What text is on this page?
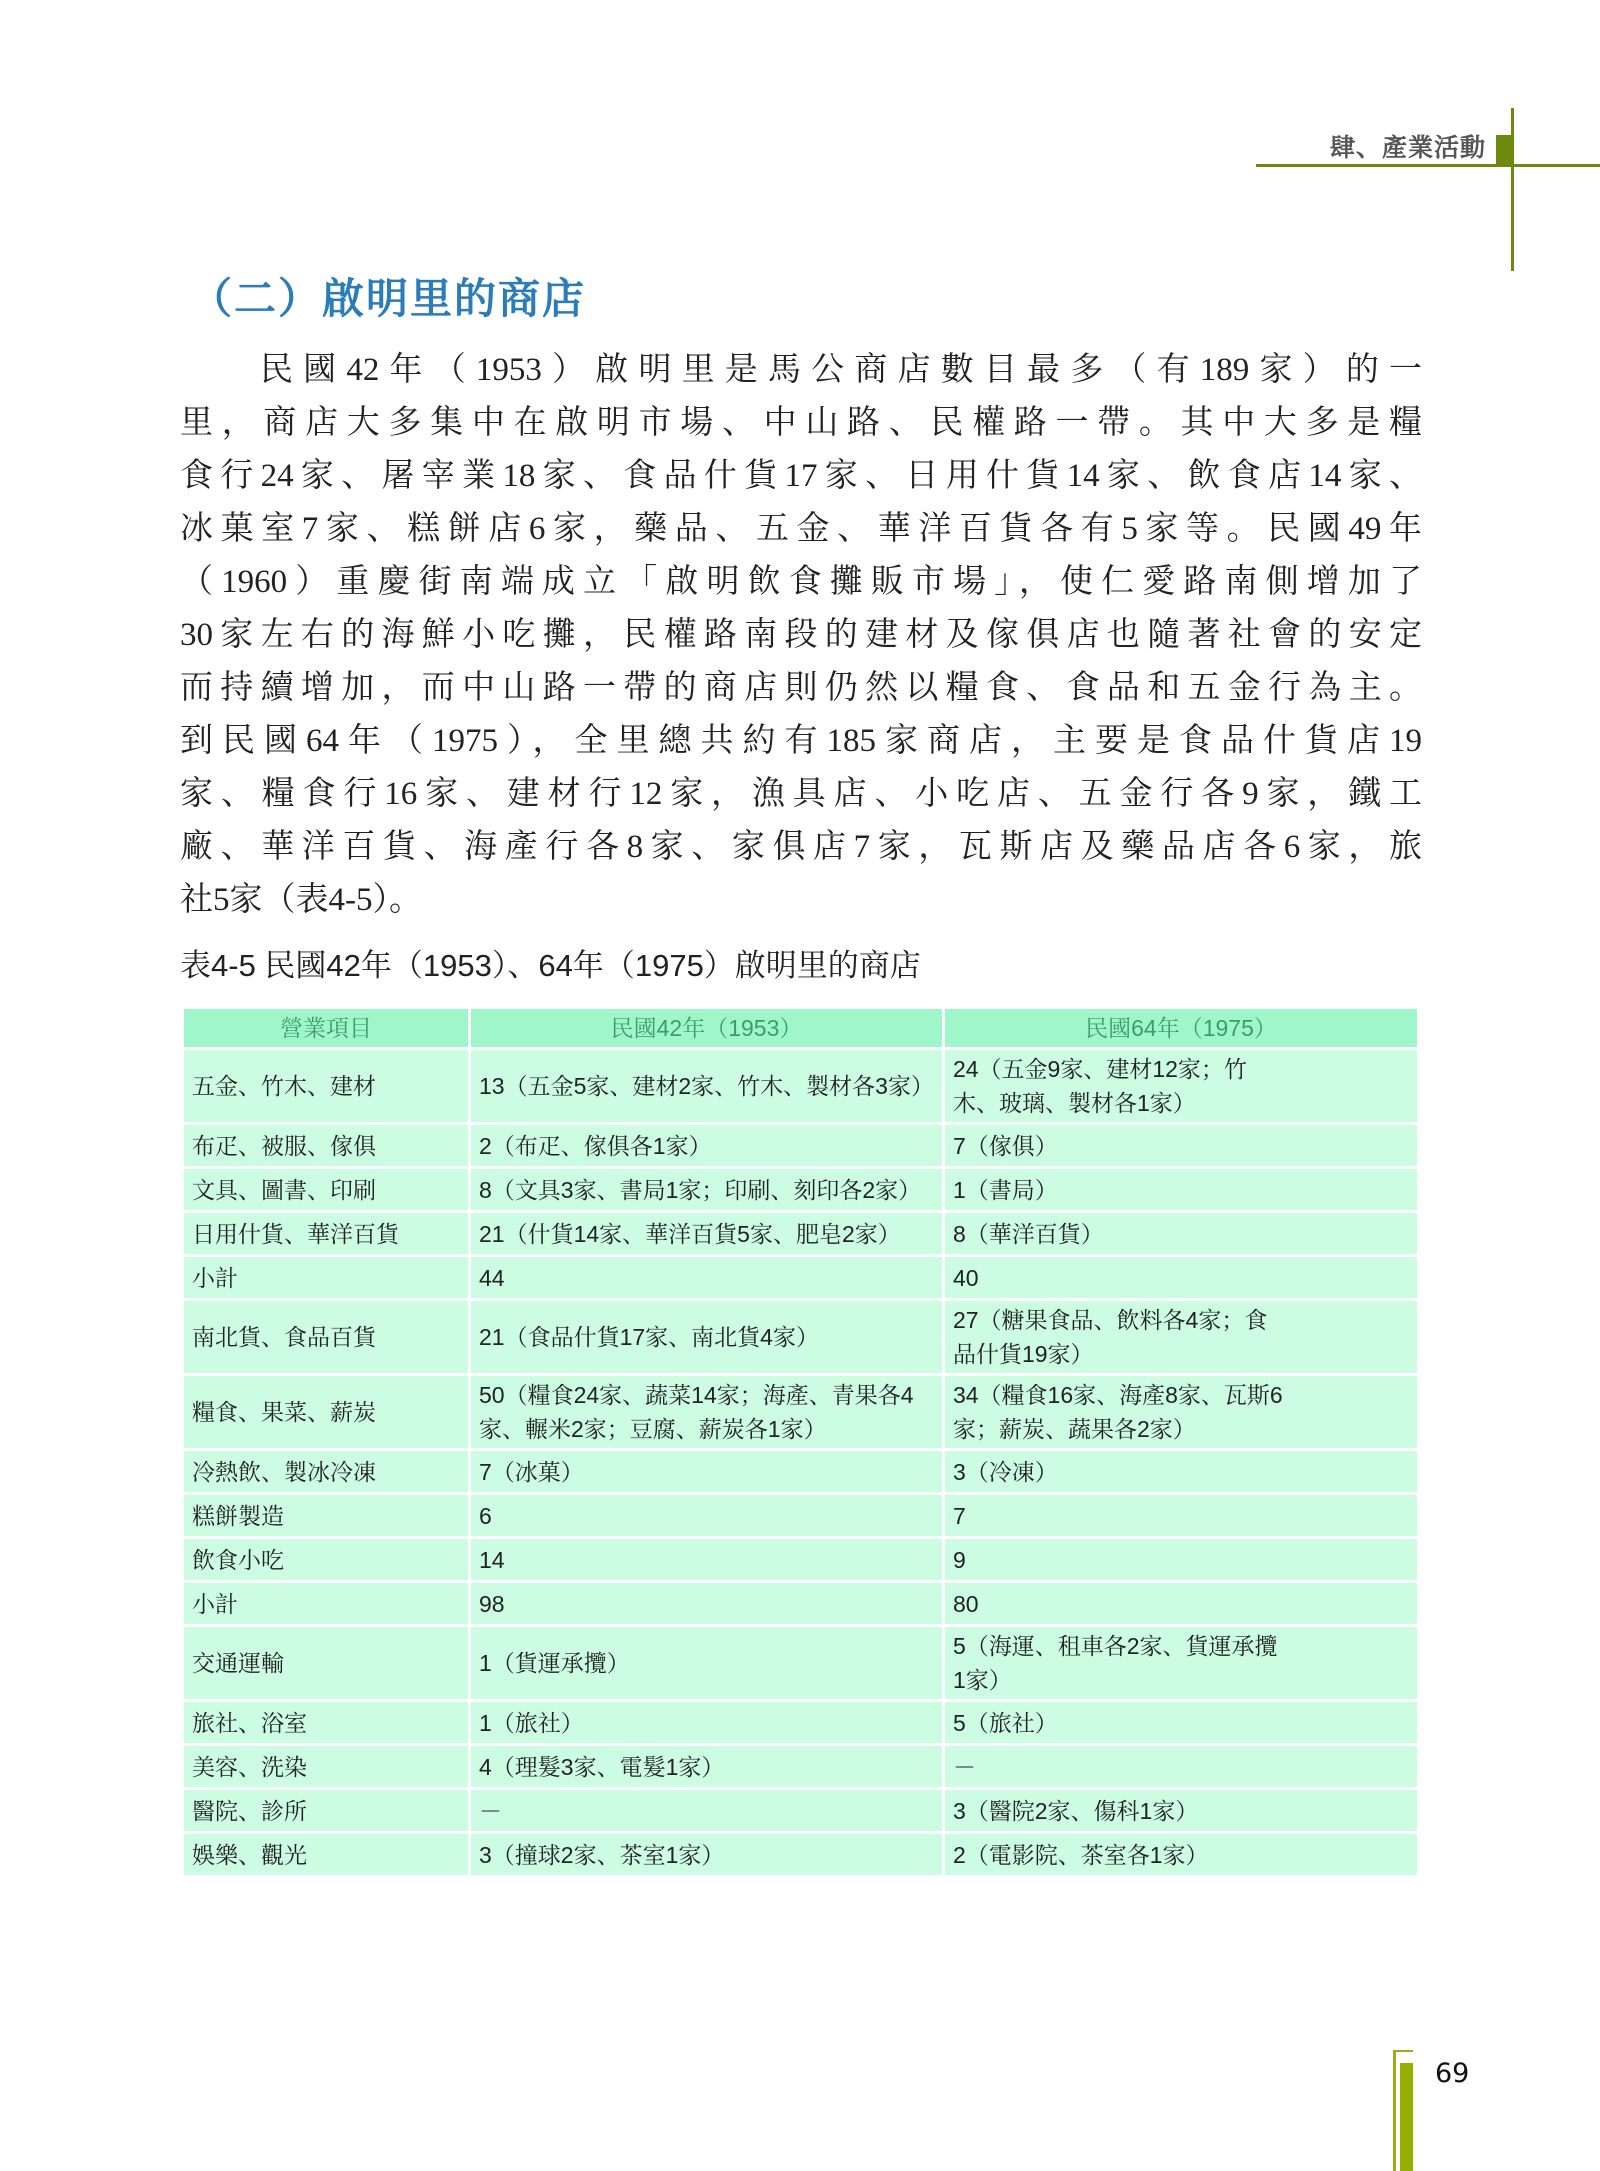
肆、產業活動
（二）啟明里的商店
民國42年（1953）啟明里是馬公商店數目最多（有189家）的一
里，商店大多集中在啟明市場、中山路、民權路一帶。其中大多是糧
食行24家、屠宰業18家、食品什貨17家、日用什貨14家、飲食店14家、
冰菓室7家、糕餅店6家，藥品、五金、華洋百貨各有5家等。民國49年
（1960）重慶街南端成立「啟明飲食攤販市場」，使仁愛路南側增加了
30家左右的海鮮小吃攤，民權路南段的建材及傢俱店也隨著社會的安定
而持續增加，而中山路一帶的商店則仍然以糧食、食品和五金行為主。
到民國64年（1975），全里總共約有185家商店，主要是食品什貨店19
家、糧食行16家、建材行12家，漁具店、小吃店、五金行各9家，鐵工
廠、華洋百貨、海產行各8家、家俱店7家，瓦斯店及藥品店各6家，旅
社5家（表4-5）。
表4-5 民國42年（1953）、64年（1975）啟明里的商店
營業項目	民國42年（1953）	民國64年（1975）

五金、竹木、建材	13（五金5家、建材2家、竹木、製材各3家）	24（五金9家、建材12家；竹
木、玻璃、製材各1家）

布疋、被服、傢俱	2（布疋、傢俱各1家）	7（傢俱）

文具、圖書、印刷	8（文具3家、書局1家；印刷、刻印各2家）	1（書局）

日用什貨、華洋百貨	21（什貨14家、華洋百貨5家、肥皂2家）	8（華洋百貨）

小計	44	40

南北貨、食品百貨	21（食品什貨17家、南北貨4家）	27（糖果食品、飲料各4家；食
品什貨19家）

糧食、果菜、薪炭	50（糧食24家、蔬菜14家；海產、青果各4
家、輾米2家；豆腐、薪炭各1家）	34（糧食16家、海產8家、瓦斯6
家；薪炭、蔬果各2家）

冷熱飲、製冰冷凍	7（冰菓）	3（冷凍）

糕餅製造	6	7

飲食小吃	14	9

小計	98	80

交通運輸	1（貨運承攬）	5（海運、租車各2家、貨運承攬
1家）

旅社、浴室	1（旅社）	5（旅社）

美容、洗染	4（理髮3家、電髮1家）	－

醫院、診所	－	3（醫院2家、傷科1家）

娛樂、觀光	3（撞球2家、茶室1家）	2（電影院、茶室各1家）
69
